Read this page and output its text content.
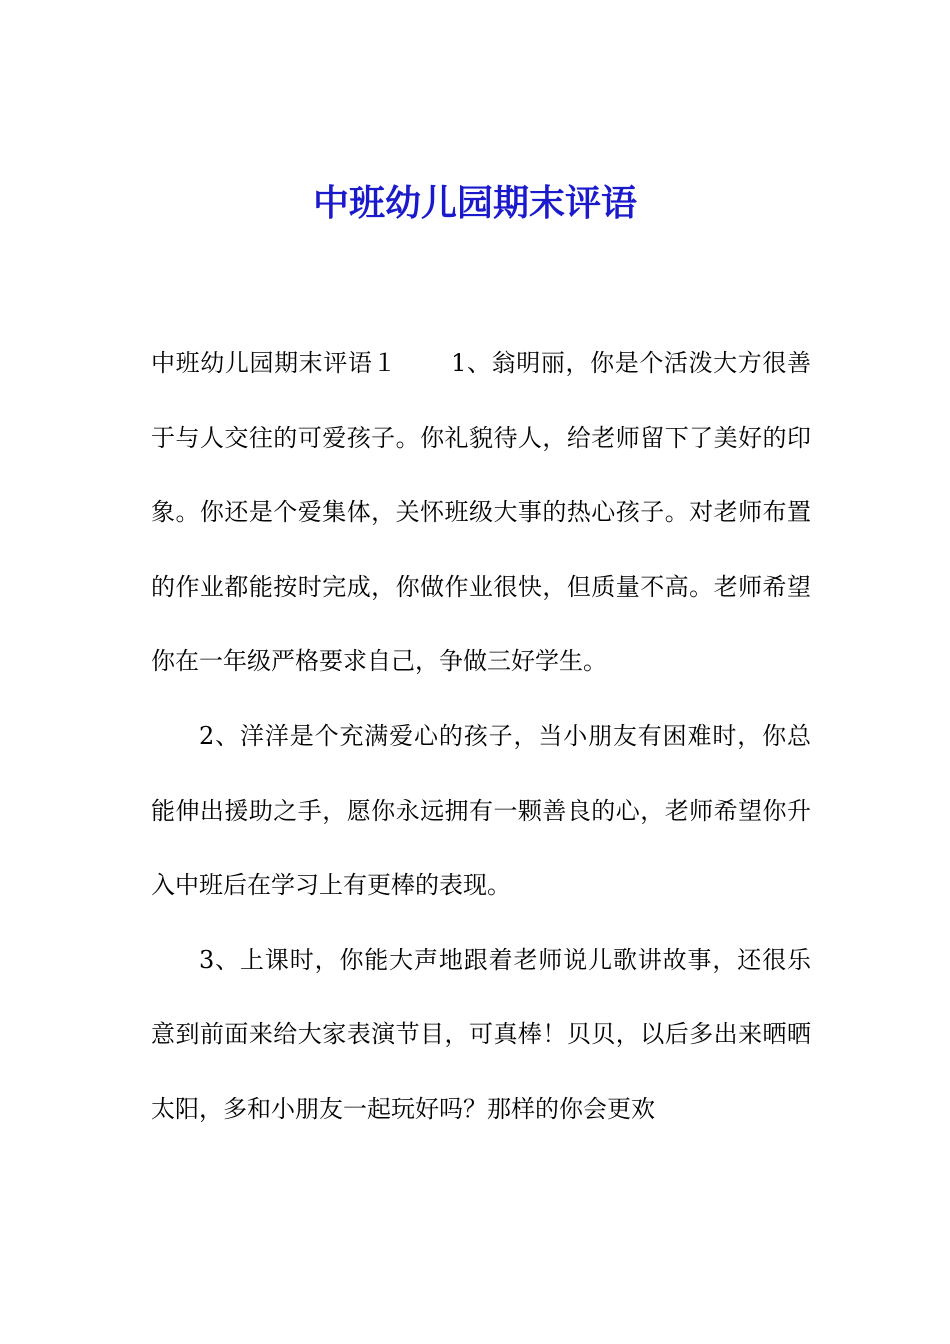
中班幼儿园期末评语

中班幼儿园期末评语１ 1、翁明丽，你是个活泼大方很善于与人交往的可爱孩子。你礼貌待人，给老师留下了美好的印象。你还是个爱集体，关怀班级大事的热心孩子。对老师布置的作业都能按时完成，你做作业很快，但质量不高。老师希望你在一年级严格要求自己，争做三好学生。

2、洋洋是个充满爱心的孩子，当小朋友有困难时，你总能伸出援助之手，愿你永远拥有一颗善良的心，老师希望你升入中班后在学习上有更棒的表现。

3、上课时，你能大声地跟着老师说儿歌讲故事，还很乐意到前面来给大家表演节目，可真棒！贝贝，以后多出来晒晒太阳，多和小朋友一起玩好吗？那样的你会更欢
